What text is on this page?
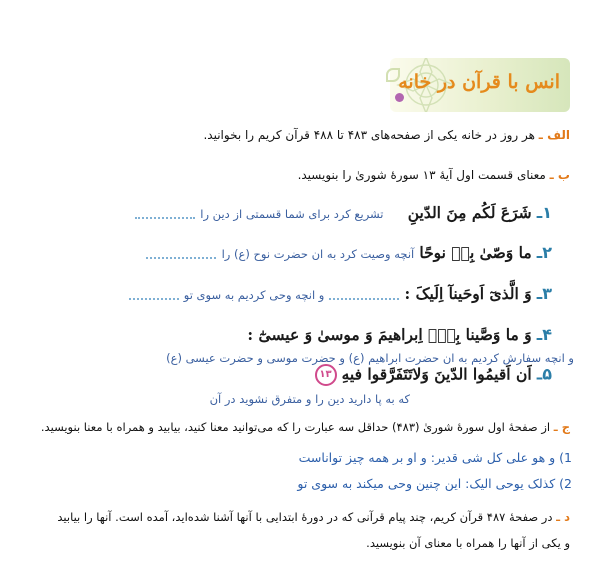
انس با قرآن در خانه
الف ـ هر روز در خانه یکی از صفحه‌های ۴۸۳ تا ۴۸۸ قرآن کریم را بخوانید.
ب ـ معنای قسمت اول آیهٔ ۱۳ سورهٔ شوریٰ را بنویسید.
۱ـ شَرَعَ لَکُم مِنَ الدّینِ  تشریع کرد برای شما قسمتی از دین را
۲ـ ما وَصّیٰ بِهٖ نوحًا آنچه وصیت کرد به ان حضرت نوح (ع) را
۳ـ وَ الَّذیٓ اَوحَینآ اِلَیکَ :  و انچه وحی کردیم به سوی تو
۴ـ وَ ما وَصَّینا بِهٖٓ اِبراهیمَ وَ موسیٰ وَ عیسیٰٓ :
و انچه سفارش کردیم به ان حضرت ابراهیم (ع) و حضرت موسی و حضرت عیسی (ع)
۵ـ اَن اَقیمُوا الدّینَ وَلاتَتَفَرَّقوا فیهِ ۱۳
که به پا دارید دین را و متفرق نشوید در آن
ج ـ از صفحهٔ اول سورهٔ شوریٰ (۴۸۳) حداقل سه عبارت را که می‌توانید معنا کنید، بیابید و همراه با معنا بنویسید.
1) و هو علی کل شی قدیر: و او بر همه چیز تواناست
2) کذلک یوحی الیک: این چنین وحی میکند به سوی تو
د ـ در صفحهٔ ۴۸۷ قرآن کریم، چند پیام قرآنی که در دورهٔ ابتدایی با آنها آشنا شده‌اید، آمده است. آنها را بیابید
و یکی از آنها را همراه با معنای آن بنویسید.
